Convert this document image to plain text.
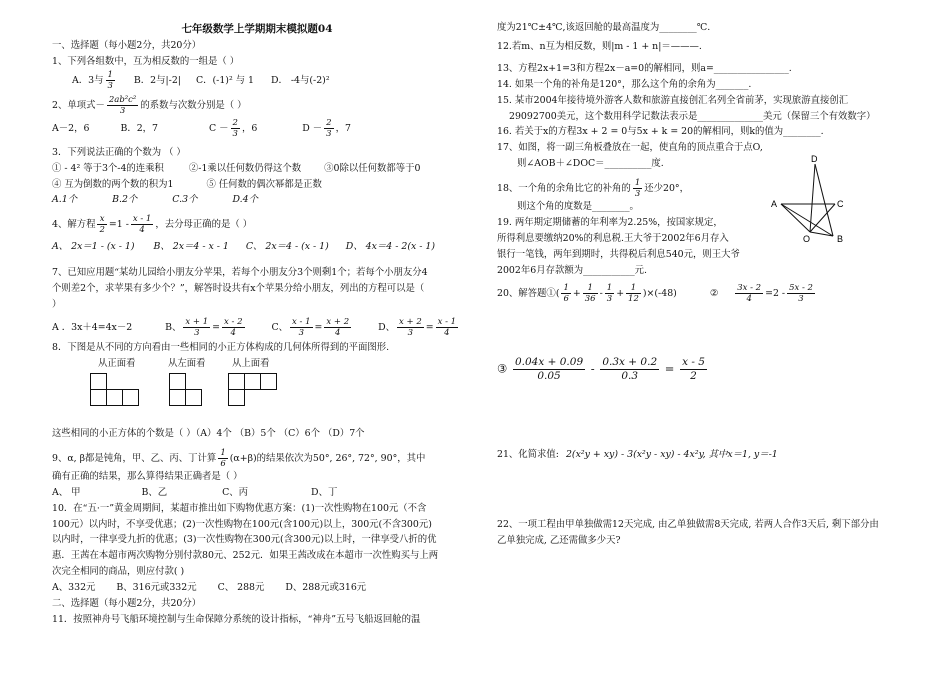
七年级数学上学期期末模拟题04
一、选择题（每小题2分，共20分）
1、下列各组数中，互为相反数的一组是（ ）
A．3与 $\frac{1}{3}$ B．2与|-2| C．(-1)² 与 1 D． -4与(-2)²
2、单项式－ $\frac{\text{2ab²c²}}{3}$ 的系数与次数分别是（ ）
A－2，6	B．2，7	$C - \frac{2}{3}$ ，6	$D - \frac{2}{3}$ ，7
3．下列说法正确的个数为 （ ）
① - 4² 等于3个-4的连乘积	②-1乘以任何数仍得这个数 ③0除以任何数都等于0
④ 互为倒数的两个数的积为1	⑤ 任何数的偶次幂都是正数
A.1个	B.2个	C.3个	D.4个
4、解方程 $\frac{x}{2} =1 - \frac{x - 1}{4}$ ，去分母正确的是（ ）
A、 2x＝1 - (x - 1) B、 2x＝4 - x - 1 C、 2x＝4 - (x - 1) D、 4x＝4 - 2(x - 1)
7、已知应用题“某幼儿园给小朋友分苹果，若每个小朋友分3个则剩1个；若每个小朋友分4
个则差2个，求苹果有多少个？”，解答时设共有x个苹果分给小朋友，列出的方程可以是（
）
A ．3x＋4=4x－2	B、 $\frac{x + 1}{3} = \frac{x - 2}{4}$	C、 $\frac{x - 1}{3} = \frac{x + 2}{4}$	D、 $\frac{x + 2}{3} = \frac{x - 1}{4}$
8．下图是从不同的方向看由一些相同的小正方体构成的几何体所得到的平面图形.
从正面看	从左面看	从上面看
这些相同的小正方体的个数是（ ）（A）4个 （B）5个 （C）6个 （D）7个
9、α, β都是钝角，甲、乙、丙、丁计算 $\frac{1}{6} (\alpha+\beta)$的结果依次为50°, 26°, 72°, 90°，其中
确有正确的结果，那么算得结果正确者是（ ）
A、 甲	B、乙	C、丙	D、丁
10．在“五·一”黄金周期间，某超市推出如下购物优惠方案：(1)一次性购物在100元（不含
100元）以内时，不享受优惠；(2)一次性购物在100元(含100元)以上，300元(不含300元)
以内时，一律享受九折的优惠；(3)一次性购物在300元(含300元)以上时，一律享受八折的优
惠．王茜在本超市两次购物分别付款80元、252元．如果王茜改成在本超市一次性购买与上两
次完全相同的商品，则应付款( )
A、332元 B、316元或332元 C、 288元 D、288元或316元
二、选择题（每小题2分，共20分）
11．按照神舟号飞船环境控制与生命保障分系统的设计指标，“神舟”五号飞船返回舱的温
度为21℃±4℃,该返回舱的最高温度为________℃.
12.若m、n互为相反数，则|m - 1 + n|＝———.
13、方程2x+1=3和方程2x－a=0的解相同，则a=________________.
14. 如果一个角的补角是120°，那么这个角的余角为_______.
15. 某市2004年接待境外游客人数和旅游直接创汇名列全省前茅，实现旅游直接创汇
29092700美元，这个数用科学记数法表示是______________美元（保留三个有效数字）
16. 若关于x的方程3x + 2 = 0与5x + k = 20的解相同，则k的值为________.
17、如图，将一副三角板叠放在一起，使直角的顶点重合于点O,
则∠AOB＋∠DOC＝__________度.
18、一个角的余角比它的补角的 $\frac{1}{3}$ 还少20°，
则这个角的度数是________。
19. 两年期定期储蓄的年利率为2.25%，按国家规定，
所得利息要缴纳20%的利息税.王大爷于2002年6月存入
银行一笔钱，两年到期时，共得税后利息540元，则王大爷
2002年6月存款额为___________元.
20、解答题①( $\frac{1}{6} + \frac{1}{36} - \frac{1}{3} + \frac{1}{12} )\times(-48)$	② $\frac{3x - 2}{4} =2 - \frac{5x - 2}{3}$
③ $\frac{0.04x + 0.09}{0.05} - \frac{0.3x + 0.2}{0.3} = \frac{x - 5}{2}$
21、化简求值: 2(x²y + xy) - 3(x²y - xy) - 4x²y, 其中x＝1, y＝-1
22、一项工程由甲单独做需12天完成, 由乙单独做需8天完成, 若两人合作3天后, 剩下部分由
乙单独完成, 乙还需做多少天?
D
A	C
O	B
